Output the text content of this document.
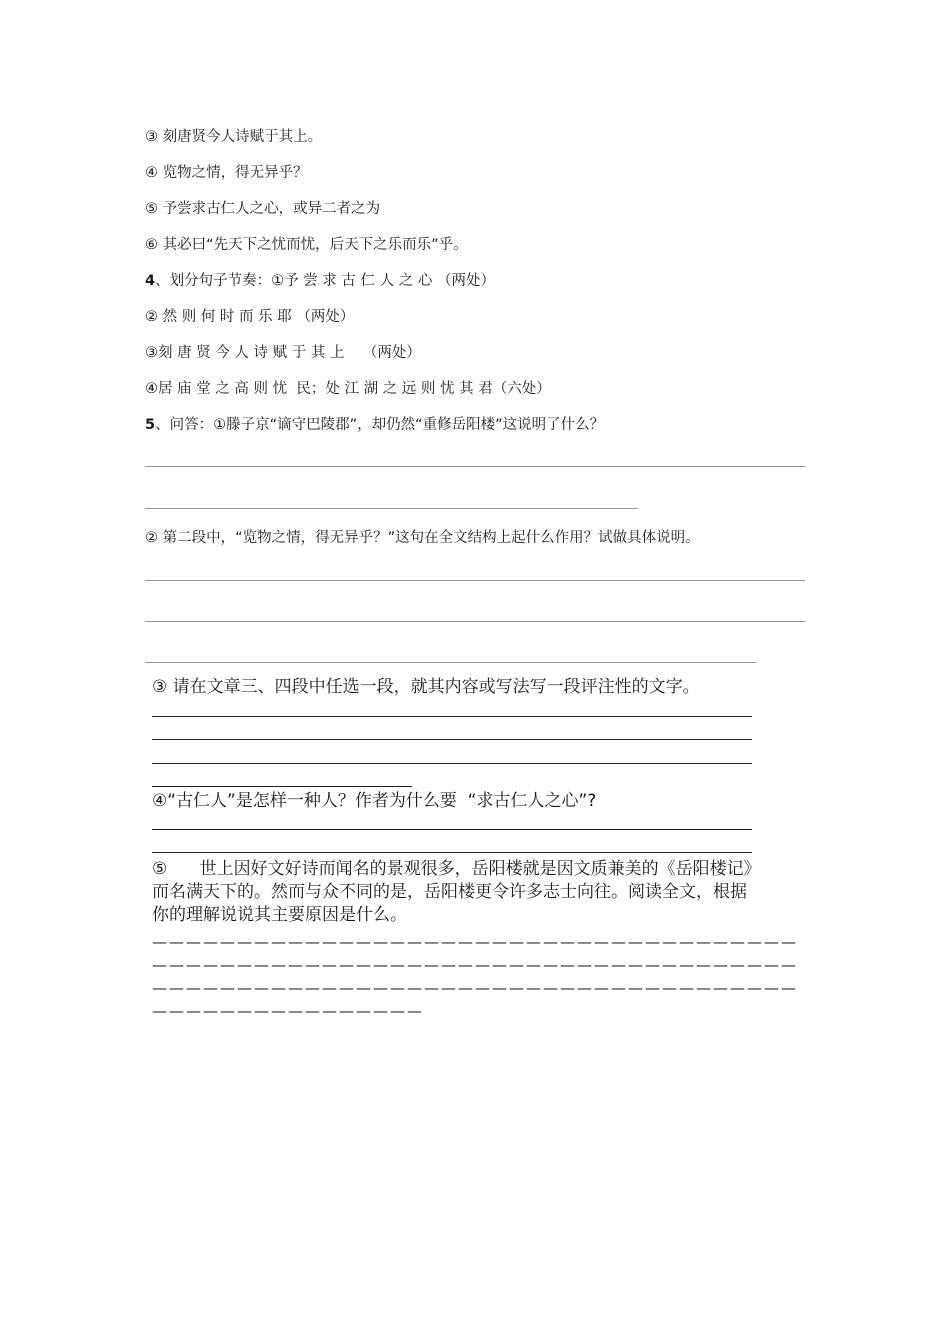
③ 刻唐贤今人诗赋于其上。
④ 览物之情，得无异乎？
⑤ 予尝求古仁人之心，或异二者之为
⑥ 其必曰“先天下之忧而忧，后天下之乐而乐”乎。
4、划分句子节奏：①予 尝 求 古 仁 人 之 心 （两处）
② 然 则 何 时 而 乐 耶 （两处）
③刻 唐 贤 今 人 诗 赋 于 其 上    （两处）
④居 庙 堂 之 高 则 忧  民；处 江 湖 之 远 则 忧 其 君（六处）
5、问答：①滕子京“谪守巴陵郡”，却仍然“重修岳阳楼”这说明了什么？
② 第二段中，“览物之情，得无异乎？”这句在全文结构上起什么作用？试做具体说明。
③ 请在文章三、四段中任选一段，就其内容或写法写一段评注性的文字。
④“古仁人”是怎样一种人？作者为什么要  “求古仁人之心”?
⑤      世上因好文好诗而闻名的景观很多，岳阳楼就是因文质兼美的《岳阳楼记》
而名满天下的。然而与众不同的是，岳阳楼更令许多志士向往。阅读全文，根据
你的理解说说其主要原因是什么。
——————————————————————————————————————
——————————————————————————————————————
——————————————————————————————————————
————————————————
